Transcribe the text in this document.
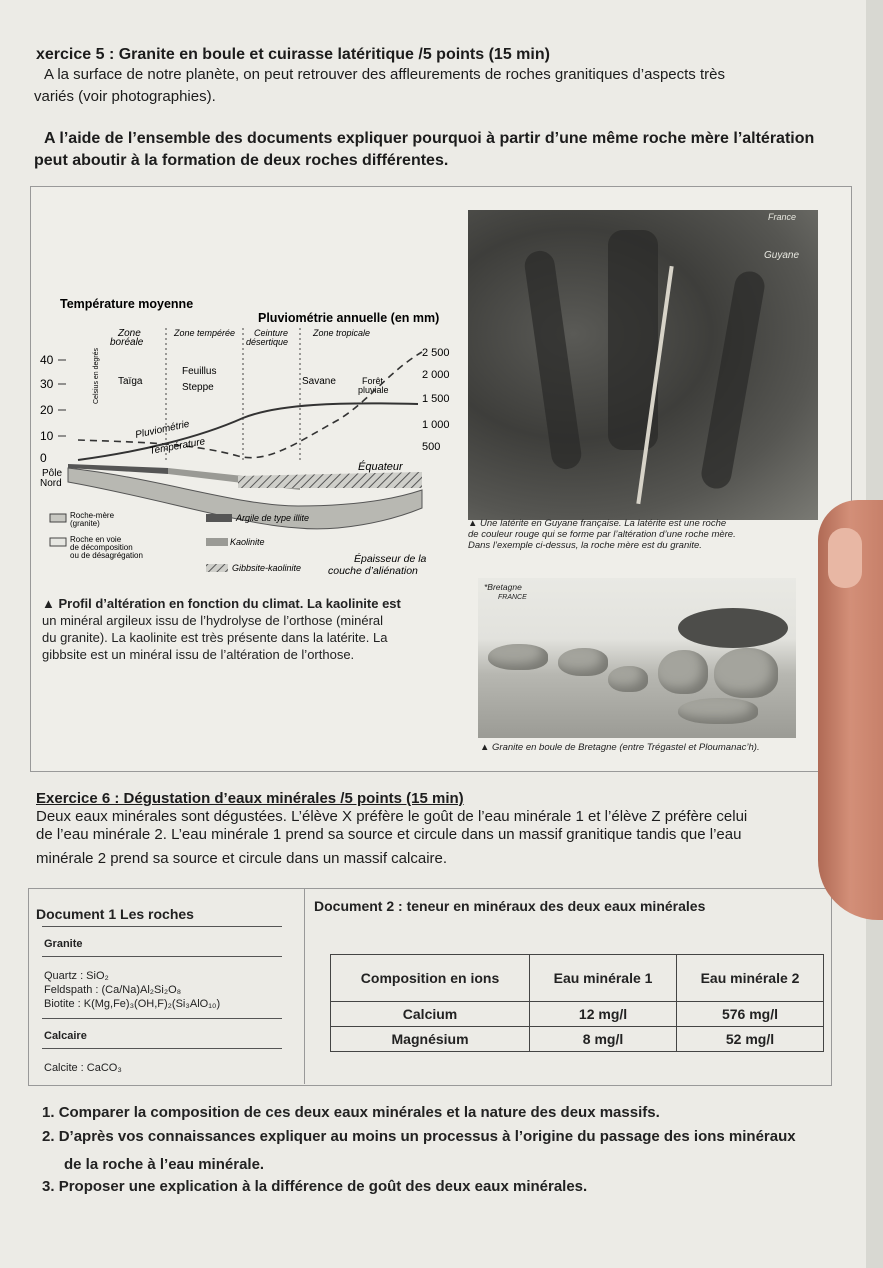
xercice 5 : Granite en boule et cuirasse latéritique /5 points (15 min)
A la surface de notre planète, on peut retrouver des affleurements de roches granitiques d’aspects très
variés (voir photographies).
A l’aide de l’ensemble des documents expliquer pourquoi à partir d’une même roche mère l’altération
peut aboutir à la formation de deux roches différentes.
Température moyenne
Pluviométrie annuelle (en mm)
Zone boréale
Zone tempérée	Ceinture désertique
Zone tropicale
Celsius en degrés
40
30
20
10
0
2 500
2 000
1 500
1 000
500
Taïga
Feuillus
Steppe
Savane	Forêt pluviale
Pluviométrie
Température
Équateur
Pôle Nord
Roche-mère (granite)
Roche en voie de décomposition ou de désagrégation
Argile de type illite
Kaolinite
Gibbsite-kaolinite
Épaisseur de la couche d’aliénation
▲ Profil d’altération en fonction du climat. La kaolinite est
un minéral argileux issu de l’hydrolyse de l’orthose (minéral
du granite). La kaolinite est très présente dans la latérite. La
gibbsite est un minéral issu de l’altération de l’orthose.
France
Guyane
▲ Une latérite en Guyane française. La latérite est une roche
de couleur rouge qui se forme par l’altération d’une roche mère.
Dans l’exemple ci-dessus, la roche mère est du granite.
*Bretagne
FRANCE
▲ Granite en boule de Bretagne (entre Trégastel et Ploumanac’h).
Exercice 6 : Dégustation d’eaux minérales /5 points (15 min)
Deux eaux minérales sont dégustées. L’élève X préfère le goût de l’eau minérale 1 et l’élève Z préfère celui
de l’eau minérale 2. L’eau minérale 1 prend sa source et circule dans un massif granitique tandis que l’eau
minérale 2 prend sa source et circule dans un massif calcaire.
Document 1 Les roches
Granite
Quartz : SiO₂
Feldspath : (Ca/Na)Al₂Si₂O₈
Biotite : K(Mg,Fe)₃(OH,F)₂(Si₃AlO₁₀)
Calcaire
Calcite : CaCO₃
Document 2 : teneur en minéraux des deux eaux minérales
Composition en ions	Eau minérale 1	Eau minérale 2
Calcium	12 mg/l	576 mg/l
Magnésium	8 mg/l	52 mg/l
1. Comparer la composition de ces deux eaux minérales et la nature des deux massifs.
2. D’après vos connaissances expliquer au moins un processus à l’origine du passage des ions minéraux
de la roche à l’eau minérale.
3. Proposer une explication à la différence de goût des deux eaux minérales.
